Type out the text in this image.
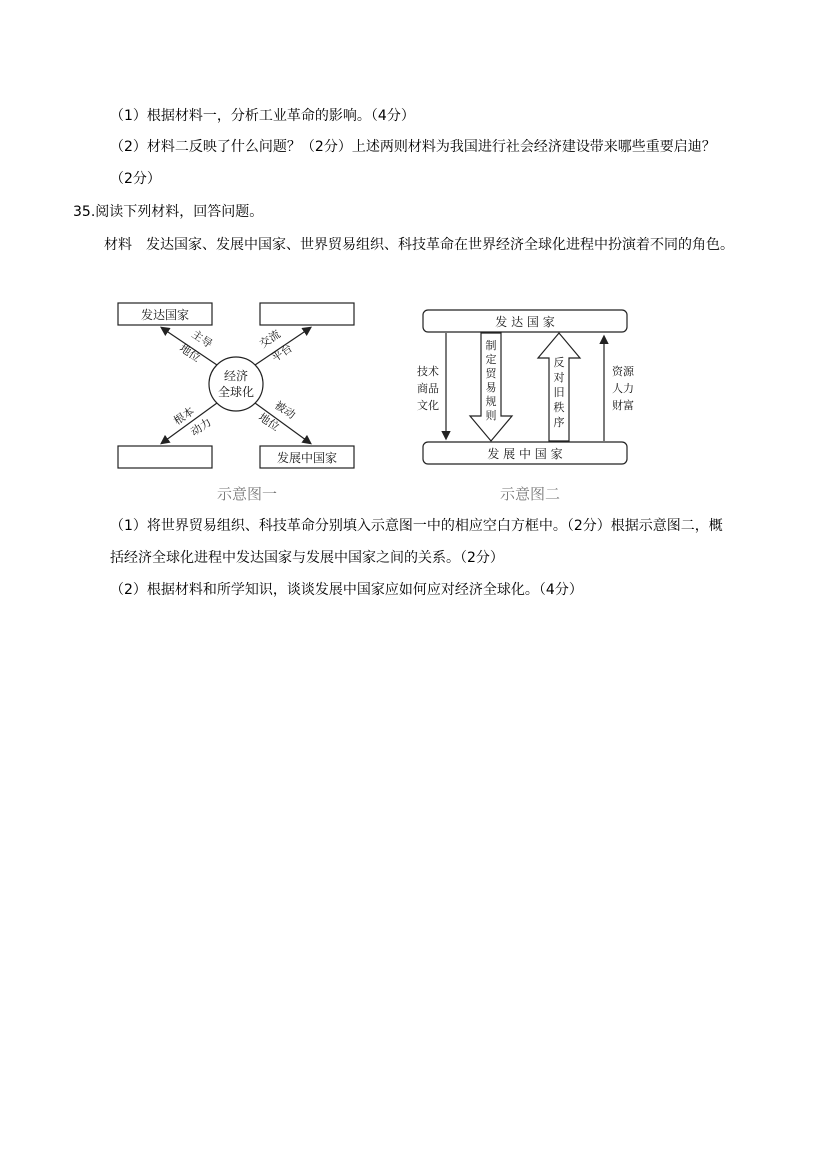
（1）根据材料一，分析工业革命的影响。（4分）
（2）材料二反映了什么问题？（2分）上述两则材料为我国进行社会经济建设带来哪些重要启迪？
（2分）
35.阅读下列材料，回答问题。
材料　发达国家、发展中国家、世界贸易组织、科技革命在世界经济全球化进程中扮演着不同的角色。
发达国家
发展中国家
经济
全球化
主导
地位
交流
平台
根本
动力
被动
地位
示意图一
发 达 国 家
发 展 中 国 家
技术
商品
文化
制
定
贸
易
规
则
反
对
旧
秩
序
资源
人力
财富
示意图二
（1）将世界贸易组织、科技革命分别填入示意图一中的相应空白方框中。（2分）根据示意图二，概
括经济全球化进程中发达国家与发展中国家之间的关系。（2分）
（2）根据材料和所学知识，谈谈发展中国家应如何应对经济全球化。（4分）
